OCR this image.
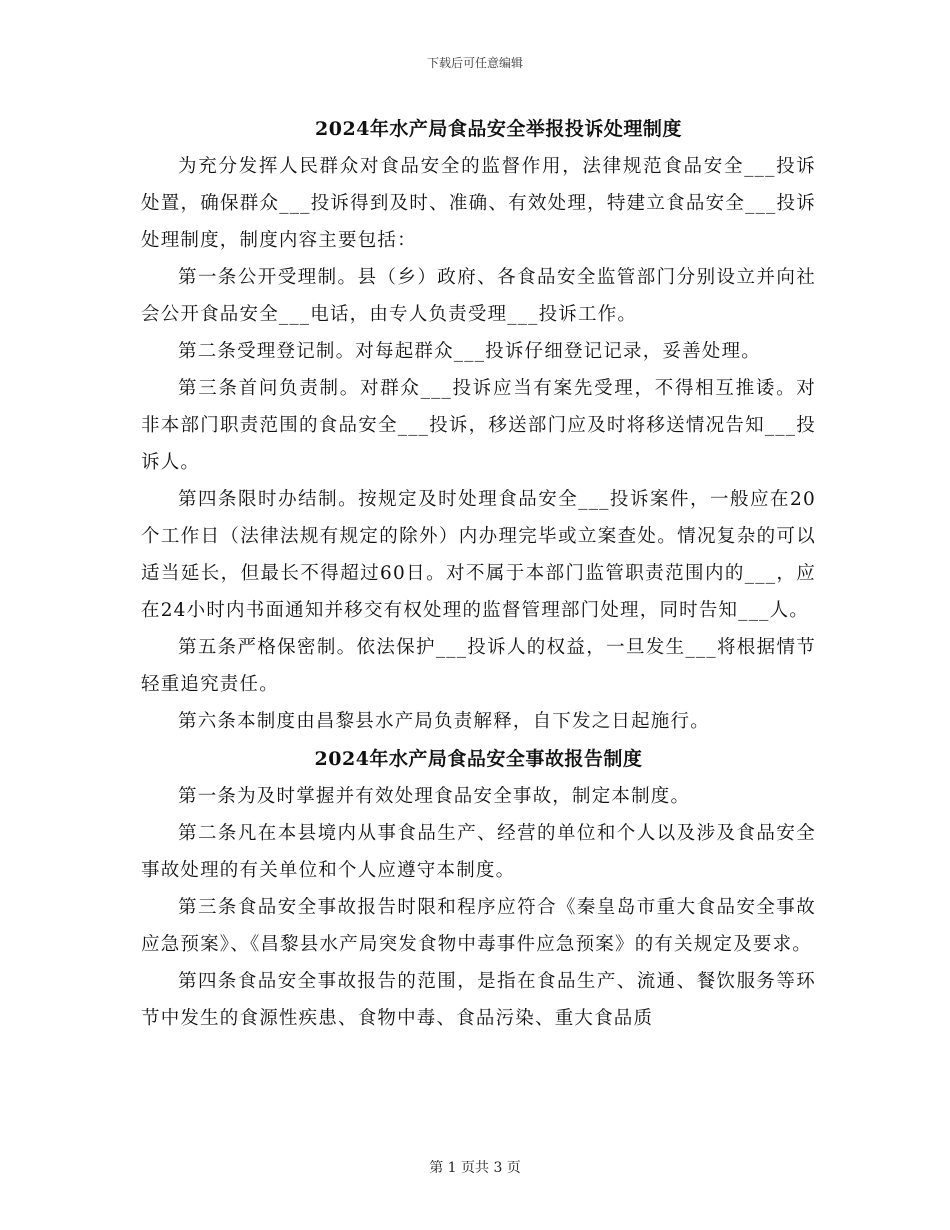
下载后可任意编辑
2024年水产局食品安全举报投诉处理制度

为充分发挥人民群众对食品安全的监督作用，法律规范食品安全___投诉处置，确保群众___投诉得到及时、准确、有效处理，特建立食品安全___投诉处理制度，制度内容主要包括：

第一条公开受理制。县（乡）政府、各食品安全监管部门分别设立并向社会公开食品安全___电话，由专人负责受理___投诉工作。

第二条受理登记制。对每起群众___投诉仔细登记记录，妥善处理。

第三条首问负责制。对群众___投诉应当有案先受理，不得相互推诿。对非本部门职责范围的食品安全___投诉，移送部门应及时将移送情况告知___投诉人。

第四条限时办结制。按规定及时处理食品安全___投诉案件，一般应在20个工作日（法律法规有规定的除外）内办理完毕或立案查处。情况复杂的可以适当延长，但最长不得超过60日。对不属于本部门监管职责范围内的___，应在24小时内书面通知并移交有权处理的监督管理部门处理，同时告知___人。

第五条严格保密制。依法保护___投诉人的权益，一旦发生___将根据情节轻重追究责任。

第六条本制度由昌黎县水产局负责解释，自下发之日起施行。

2024年水产局食品安全事故报告制度

第一条为及时掌握并有效处理食品安全事故，制定本制度。

第二条凡在本县境内从事食品生产、经营的单位和个人以及涉及食品安全事故处理的有关单位和个人应遵守本制度。

第三条食品安全事故报告时限和程序应符合《秦皇岛市重大食品安全事故应急预案》、《昌黎县水产局突发食物中毒事件应急预案》的有关规定及要求。

第四条食品安全事故报告的范围，是指在食品生产、流通、餐饮服务等环节中发生的食源性疾患、食物中毒、食品污染、重大食品质

第 1 页共 3 页
